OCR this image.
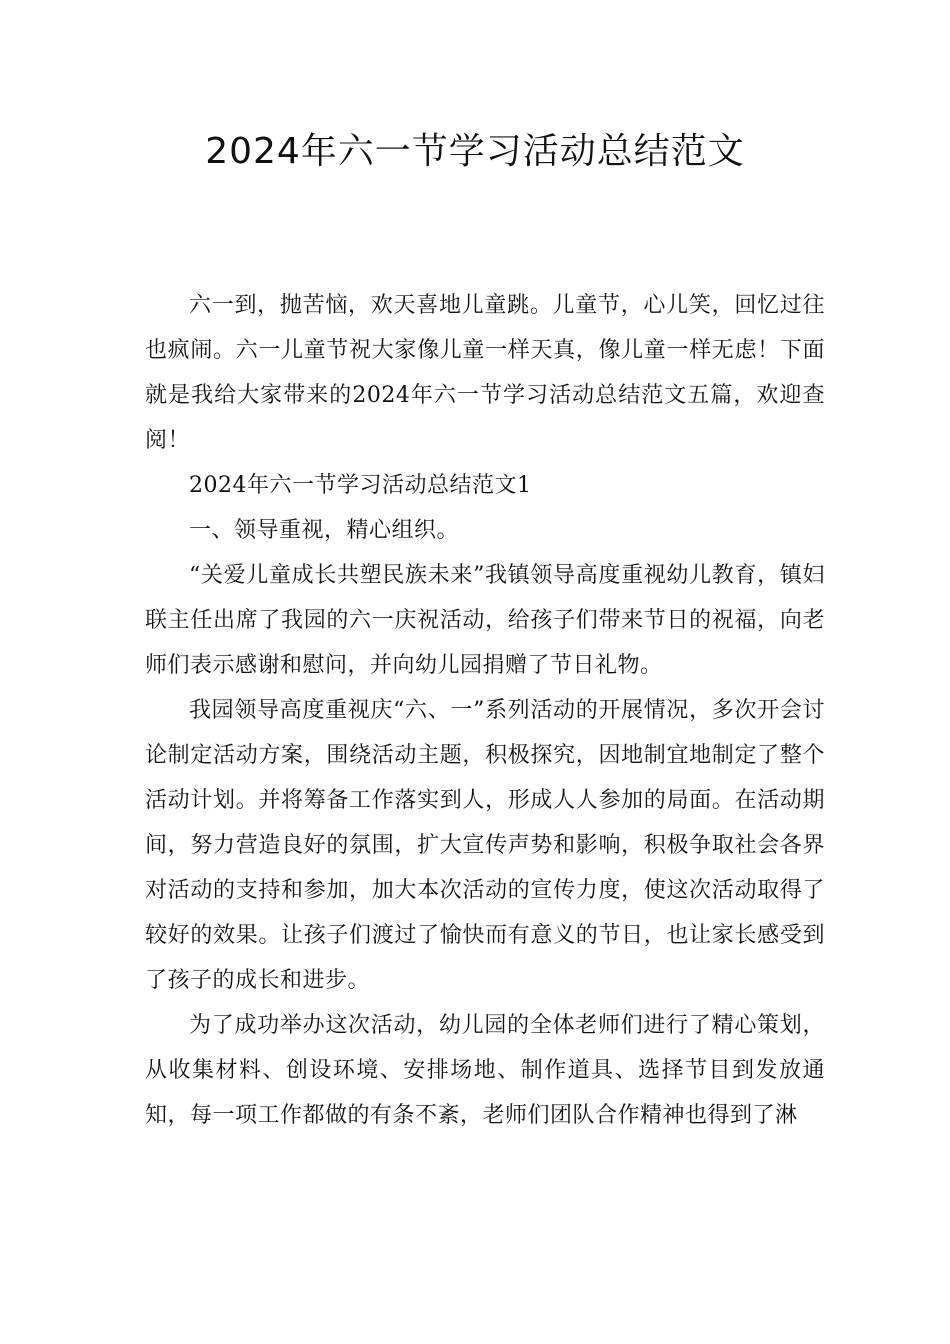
2024年六一节学习活动总结范文

六一到，抛苦恼，欢天喜地儿童跳。儿童节，心儿笑，回忆过往也疯闹。六一儿童节祝大家像儿童一样天真，像儿童一样无虑！下面就是我给大家带来的2024年六一节学习活动总结范文五篇，欢迎查阅！

2024年六一节学习活动总结范文1

一、领导重视，精心组织。

“关爱儿童成长共塑民族未来”我镇领导高度重视幼儿教育，镇妇联主任出席了我园的六一庆祝活动，给孩子们带来节日的祝福，向老师们表示感谢和慰问，并向幼儿园捐赠了节日礼物。

我园领导高度重视庆“六、一”系列活动的开展情况，多次开会讨论制定活动方案，围绕活动主题，积极探究，因地制宜地制定了整个活动计划。并将筹备工作落实到人，形成人人参加的局面。在活动期间，努力营造良好的氛围，扩大宣传声势和影响，积极争取社会各界对活动的支持和参加，加大本次活动的宣传力度，使这次活动取得了较好的效果。让孩子们渡过了愉快而有意义的节日，也让家长感受到了孩子的成长和进步。

为了成功举办这次活动，幼儿园的全体老师们进行了精心策划，从收集材料、创设环境、安排场地、制作道具、选择节目到发放通知，每一项工作都做的有条不紊，老师们团队合作精神也得到了淋
